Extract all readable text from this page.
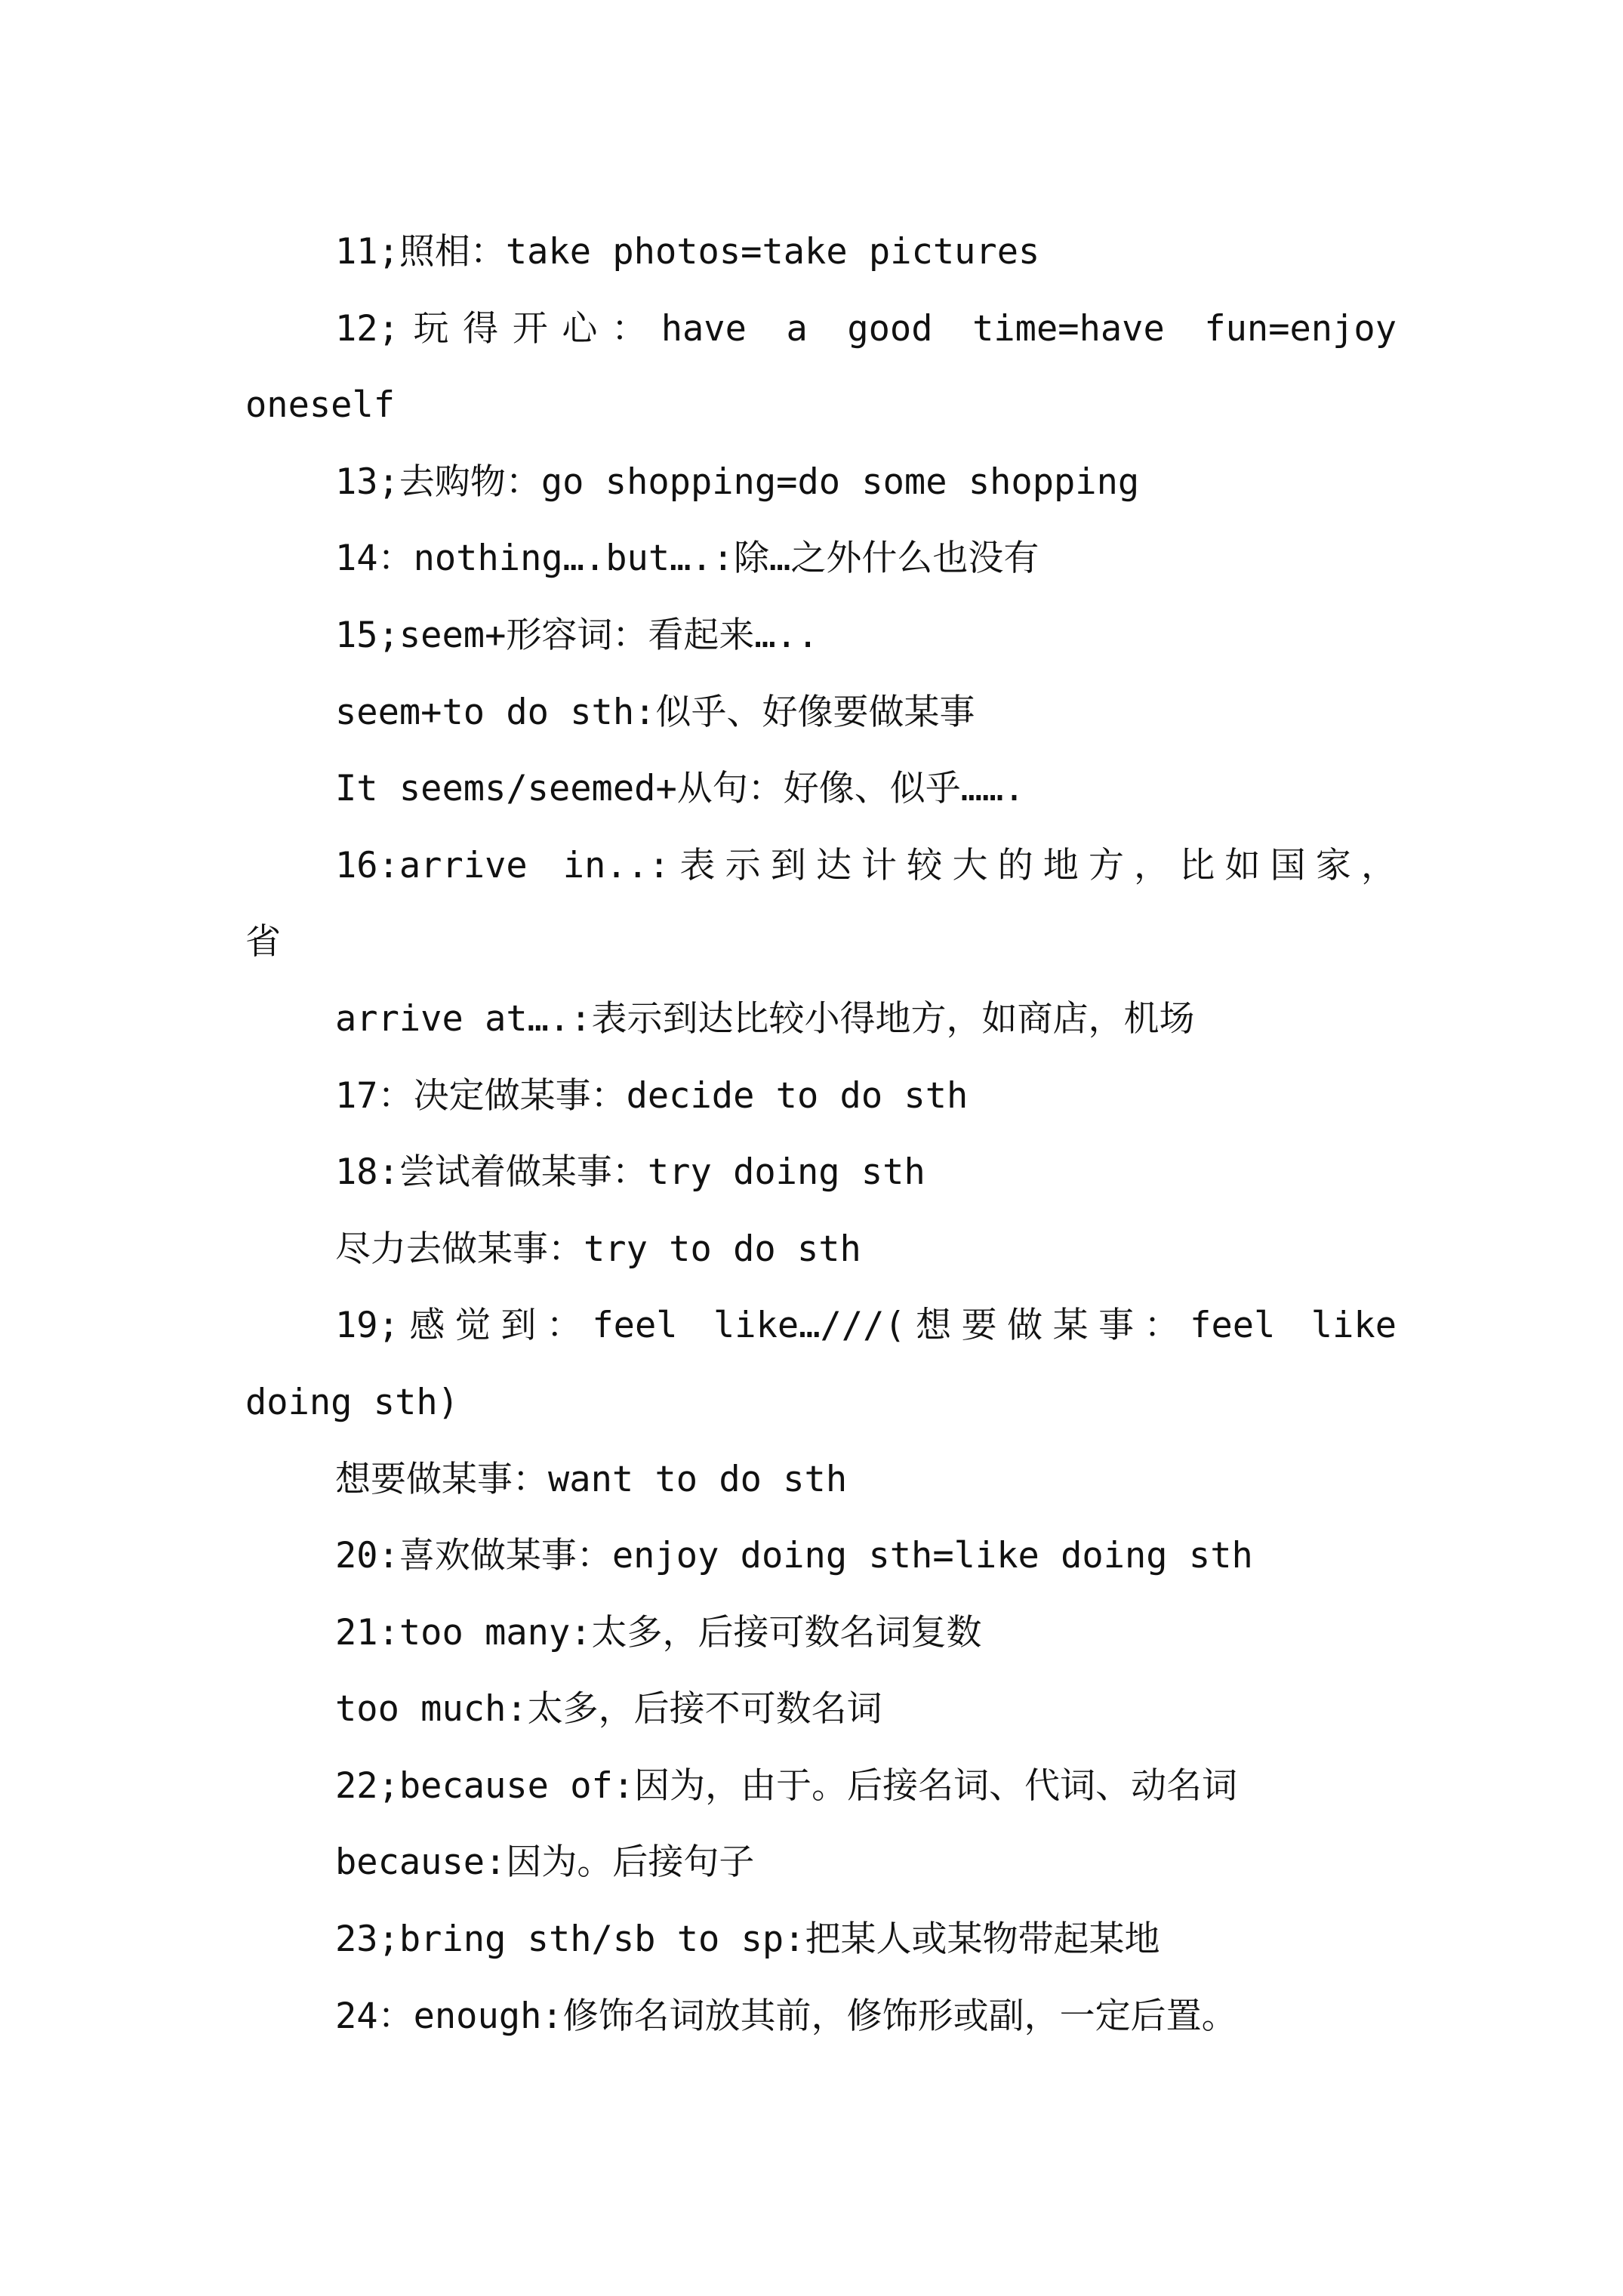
11;照相：take photos=take pictures
12;玩得开心：have a good time=have fun=enjoy
oneself
13;去购物：go shopping=do some shopping
14：nothing….but….:除…之外什么也没有
15;seem+形容词：看起来…..
seem+to do sth:似乎、好像要做某事
It seems/seemed+从句：好像、似乎…….
16:arrive in..:表示到达计较大的地方，比如国家，
省
arrive at….:表示到达比较小得地方，如商店，机场
17：决定做某事：decide to do sth
18:尝试着做某事：try doing sth
尽力去做某事：try to do sth
19;感觉到：feel like…///(想要做某事：feel like
doing sth)
想要做某事：want to do sth
20:喜欢做某事：enjoy doing sth=like doing sth
21:too many:太多，后接可数名词复数
too much:太多，后接不可数名词
22;because of:因为，由于。后接名词、代词、动名词
because:因为。后接句子
23;bring sth/sb to sp:把某人或某物带起某地
24：enough:修饰名词放其前，修饰形或副，一定后置。
